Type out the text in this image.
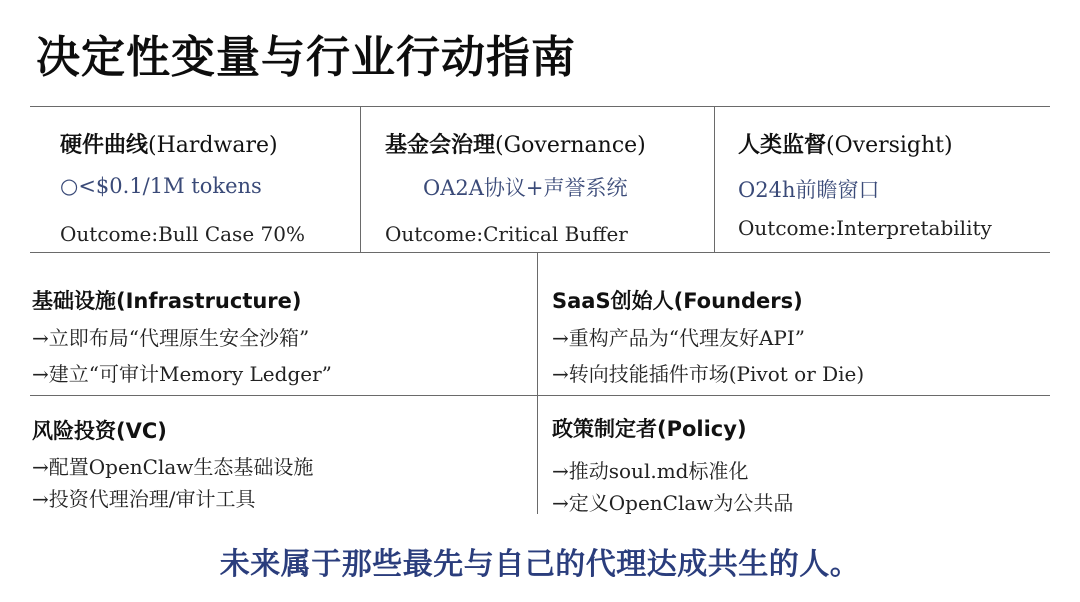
决定性变量与行业行动指南
硬件曲线(Hardware)
○<$0.1/1M tokens
Outcome:Bull Case 70%
基金会治理(Governance)
OA2A协议+声誉系统
Outcome:Critical Buffer
人类监督(Oversight)
O24h前瞻窗口
Outcome:Interpretability
基础设施(Infrastructure)
→立即布局“代理原生安全沙箱”
→建立“可审计Memory Ledger”
SaaS创始人(Founders)
→重构产品为“代理友好API”
→转向技能插件市场(Pivot or Die)
风险投资(VC)
→配置OpenClaw生态基础设施
→投资代理治理/审计工具
政策制定者(Policy)
→推动soul.md标准化
→定义OpenClaw为公共品
未来属于那些最先与自己的代理达成共生的人。
